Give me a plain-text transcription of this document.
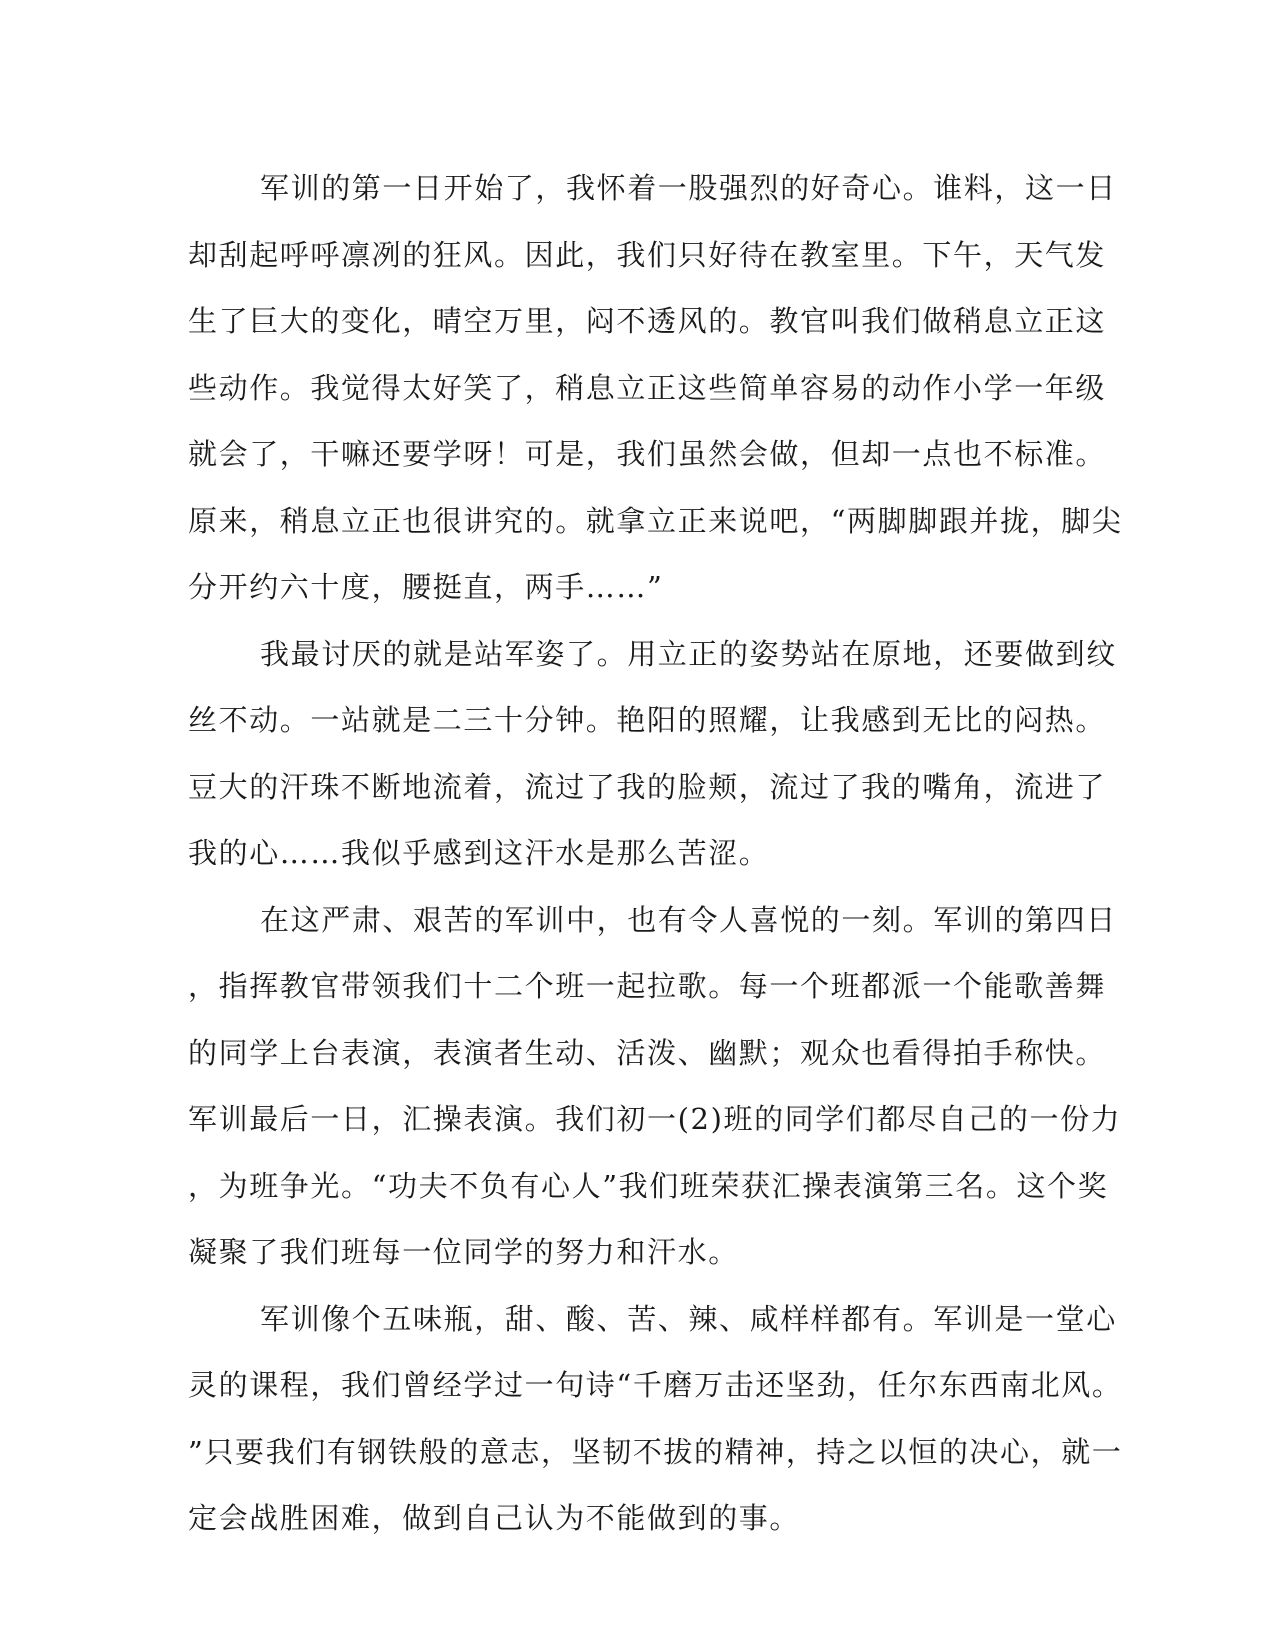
军训的第一日开始了，我怀着一股强烈的好奇心。谁料，这一日
却刮起呼呼凛冽的狂风。因此，我们只好待在教室里。下午，天气发
生了巨大的变化，晴空万里，闷不透风的。教官叫我们做稍息立正这
些动作。我觉得太好笑了，稍息立正这些简单容易的动作小学一年级
就会了，干嘛还要学呀！可是，我们虽然会做，但却一点也不标准。
原来，稍息立正也很讲究的。就拿立正来说吧，“两脚脚跟并拢，脚尖
分开约六十度，腰挺直，两手……”

我最讨厌的就是站军姿了。用立正的姿势站在原地，还要做到纹
丝不动。一站就是二三十分钟。艳阳的照耀，让我感到无比的闷热。
豆大的汗珠不断地流着，流过了我的脸颊，流过了我的嘴角，流进了
我的心……我似乎感到这汗水是那么苦涩。

在这严肃、艰苦的军训中，也有令人喜悦的一刻。军训的第四日
，指挥教官带领我们十二个班一起拉歌。每一个班都派一个能歌善舞
的同学上台表演，表演者生动、活泼、幽默；观众也看得拍手称快。
军训最后一日，汇操表演。我们初一(2)班的同学们都尽自己的一份力
，为班争光。“功夫不负有心人”我们班荣获汇操表演第三名。这个奖
凝聚了我们班每一位同学的努力和汗水。

军训像个五味瓶，甜、酸、苦、辣、咸样样都有。军训是一堂心
灵的课程，我们曾经学过一句诗“千磨万击还坚劲，任尔东西南北风。
”只要我们有钢铁般的意志，坚韧不拔的精神，持之以恒的决心，就一
定会战胜困难，做到自己认为不能做到的事。
